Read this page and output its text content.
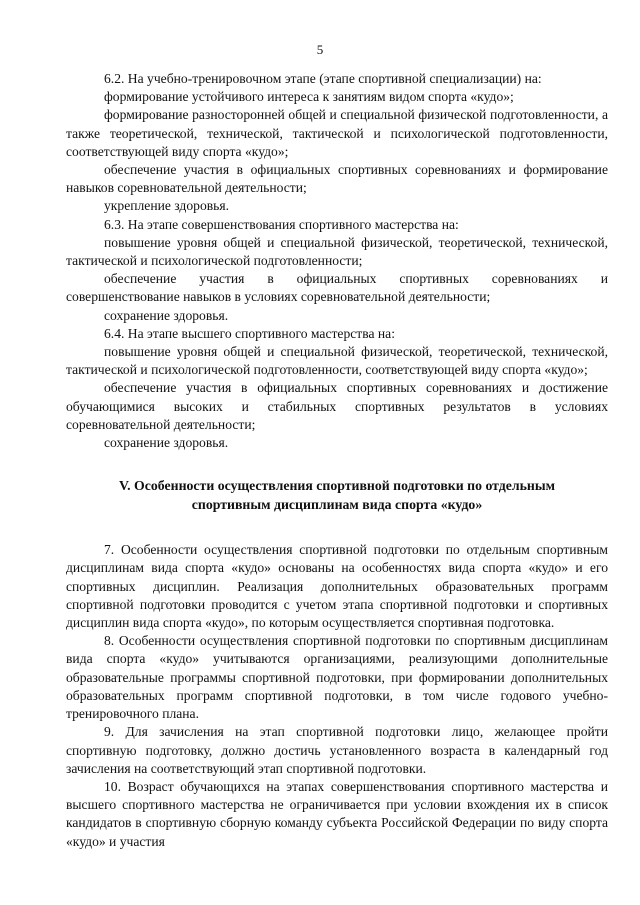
5

6.2. На учебно-тренировочном этапе (этапе спортивной специализации) на:

формирование устойчивого интереса к занятиям видом спорта «кудо»;

формирование разносторонней общей и специальной физической подготовленности, а также теоретической, технической, тактической и психологической подготовленности, соответствующей виду спорта «кудо»;

обеспечение участия в официальных спортивных соревнованиях и формирование навыков соревновательной деятельности;

укрепление здоровья.

6.3. На этапе совершенствования спортивного мастерства на:

повышение уровня общей и специальной физической, теоретической, технической, тактической и психологической подготовленности;

обеспечение участия в официальных спортивных соревнованиях и совершенствование навыков в условиях соревновательной деятельности;

сохранение здоровья.

6.4. На этапе высшего спортивного мастерства на:

повышение уровня общей и специальной физической, теоретической, технической, тактической и психологической подготовленности, соответствующей виду спорта «кудо»;

обеспечение участия в официальных спортивных соревнованиях и достижение обучающимися высоких и стабильных спортивных результатов в условиях соревновательной деятельности;

сохранение здоровья.

V. Особенности осуществления спортивной подготовки по отдельным
спортивным дисциплинам вида спорта «кудо»

7. Особенности осуществления спортивной подготовки по отдельным спортивным дисциплинам вида спорта «кудо» основаны на особенностях вида спорта «кудо» и его спортивных дисциплин. Реализация дополнительных образовательных программ спортивной подготовки проводится с учетом этапа спортивной подготовки и спортивных дисциплин вида спорта «кудо», по которым осуществляется спортивная подготовка.

8. Особенности осуществления спортивной подготовки по спортивным дисциплинам вида спорта «кудо» учитываются организациями, реализующими дополнительные образовательные программы спортивной подготовки, при формировании дополнительных образовательных программ спортивной подготовки, в том числе годового учебно-тренировочного плана.

9. Для зачисления на этап спортивной подготовки лицо, желающее пройти спортивную подготовку, должно достичь установленного возраста в календарный год зачисления на соответствующий этап спортивной подготовки.

10. Возраст обучающихся на этапах совершенствования спортивного мастерства и высшего спортивного мастерства не ограничивается при условии вхождения их в список кандидатов в спортивную сборную команду субъекта Российской Федерации по виду спорта «кудо» и участия
